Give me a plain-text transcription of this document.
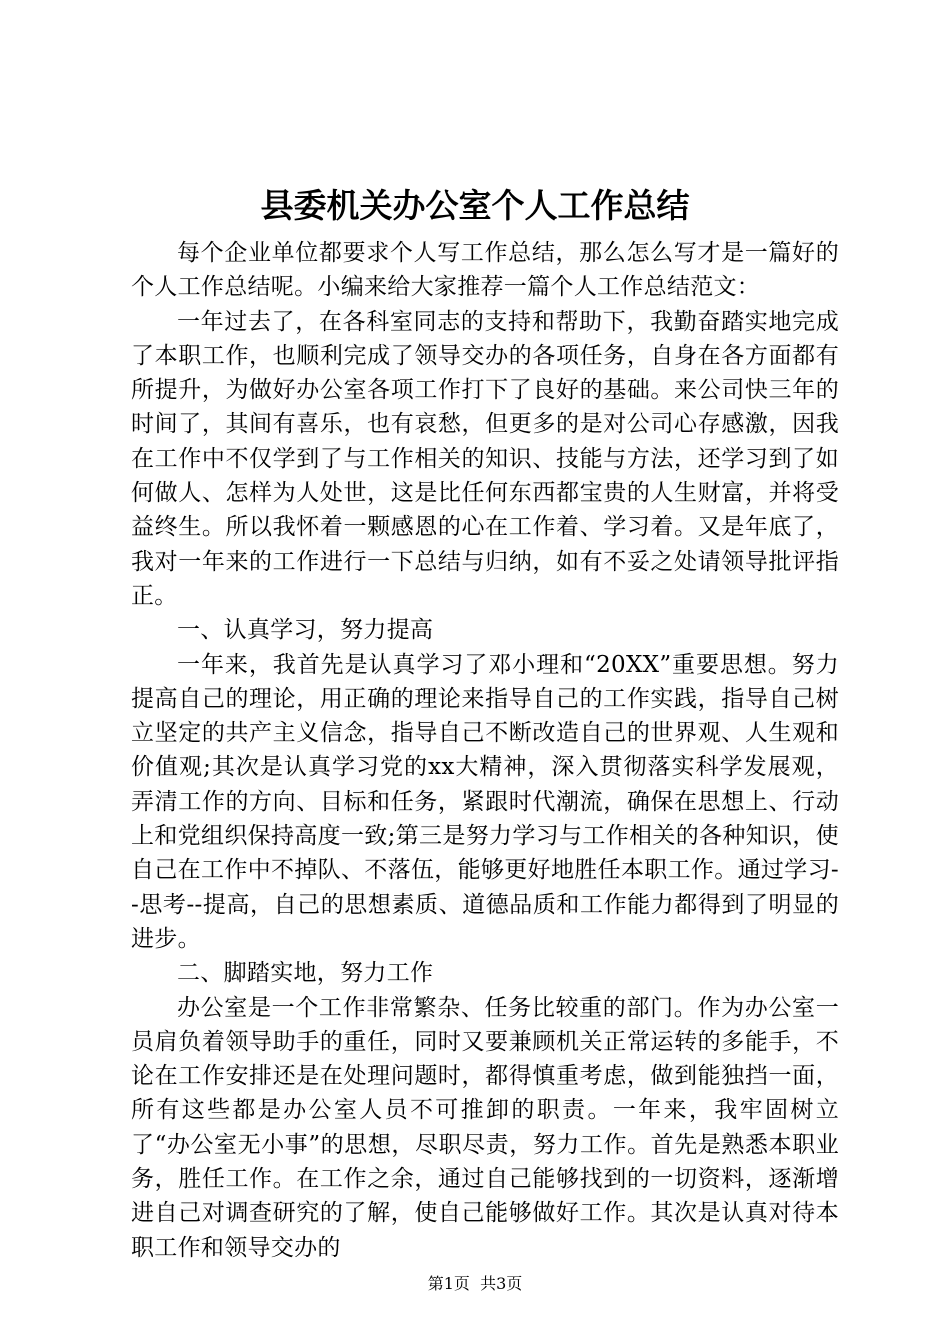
县委机关办公室个人工作总结

每个企业单位都要求个人写工作总结，那么怎么写才是一篇好的个人工作总结呢。小编来给大家推荐一篇个人工作总结范文：

一年过去了，在各科室同志的支持和帮助下，我勤奋踏实地完成了本职工作，也顺利完成了领导交办的各项任务，自身在各方面都有所提升，为做好办公室各项工作打下了良好的基础。来公司快三年的时间了，其间有喜乐，也有哀愁，但更多的是对公司心存感激，因我在工作中不仅学到了与工作相关的知识、技能与方法，还学习到了如何做人、怎样为人处世，这是比任何东西都宝贵的人生财富，并将受益终生。所以我怀着一颗感恩的心在工作着、学习着。又是年底了，我对一年来的工作进行一下总结与归纳，如有不妥之处请领导批评指正。

一、认真学习，努力提高

一年来，我首先是认真学习了邓小理和“20XX”重要思想。努力提高自己的理论，用正确的理论来指导自己的工作实践，指导自己树立坚定的共产主义信念，指导自己不断改造自己的世界观、人生观和价值观;其次是认真学习党的xx大精神，深入贯彻落实科学发展观，弄清工作的方向、目标和任务，紧跟时代潮流，确保在思想上、行动上和党组织保持高度一致;第三是努力学习与工作相关的各种知识，使自己在工作中不掉队、不落伍，能够更好地胜任本职工作。通过学习--思考--提高，自己的思想素质、道德品质和工作能力都得到了明显的进步。

二、脚踏实地，努力工作

办公室是一个工作非常繁杂、任务比较重的部门。作为办公室一员肩负着领导助手的重任，同时又要兼顾机关正常运转的多能手，不论在工作安排还是在处理问题时，都得慎重考虑，做到能独挡一面，所有这些都是办公室人员不可推卸的职责。一年来，我牢固树立了“办公室无小事”的思想，尽职尽责，努力工作。首先是熟悉本职业务，胜任工作。在工作之余，通过自己能够找到的一切资料，逐渐增进自己对调查研究的了解，使自己能够做好工作。其次是认真对待本职工作和领导交办的

第1页  共3页
